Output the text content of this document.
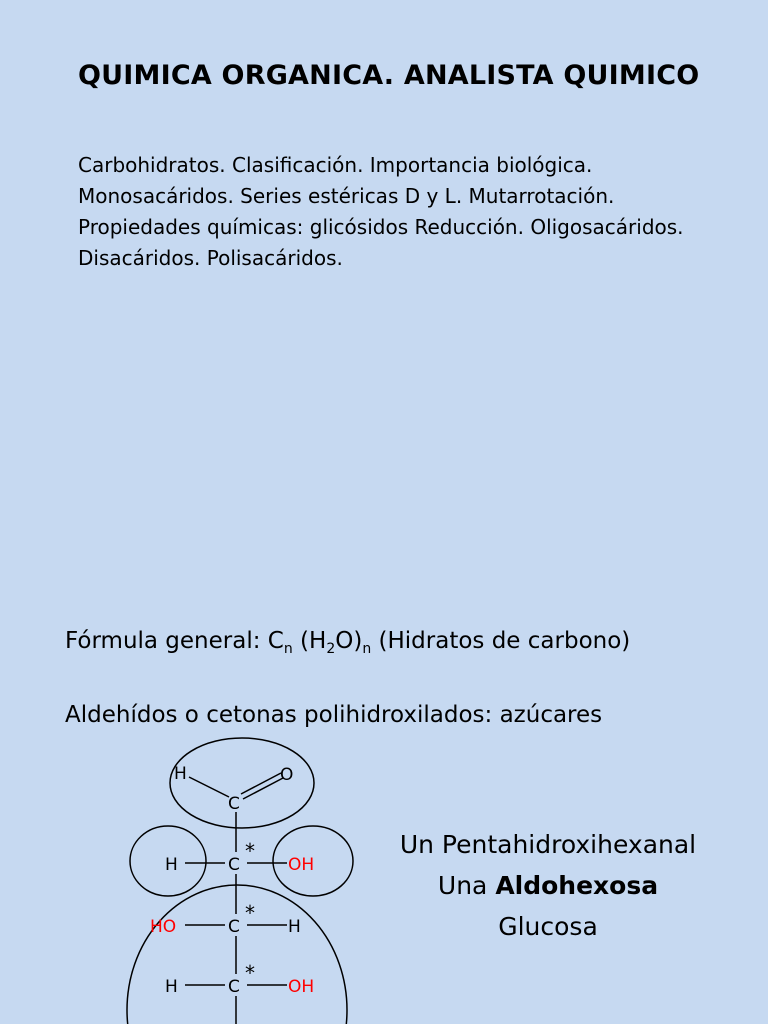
QUIMICA ORGANICA. ANALISTA QUIMICO
Carbohidratos. Clasificación. Importancia biológica.
Monosacáridos. Series estéricas D y L. Mutarrotación.
Propiedades químicas: glicósidos Reducción. Oligosacáridos.
Disacáridos. Polisacáridos.
Fórmula general: $C_n$ $(H_2O)_n$ (Hidratos de carbono)
Aldehídos o cetonas polihidroxilados: azúcares
H	O
C
H	C
*
OH
HO	C
*
H
H	C
*
OH
Un Pentahidroxihexanal
Una Aldohexosa
Glucosa
